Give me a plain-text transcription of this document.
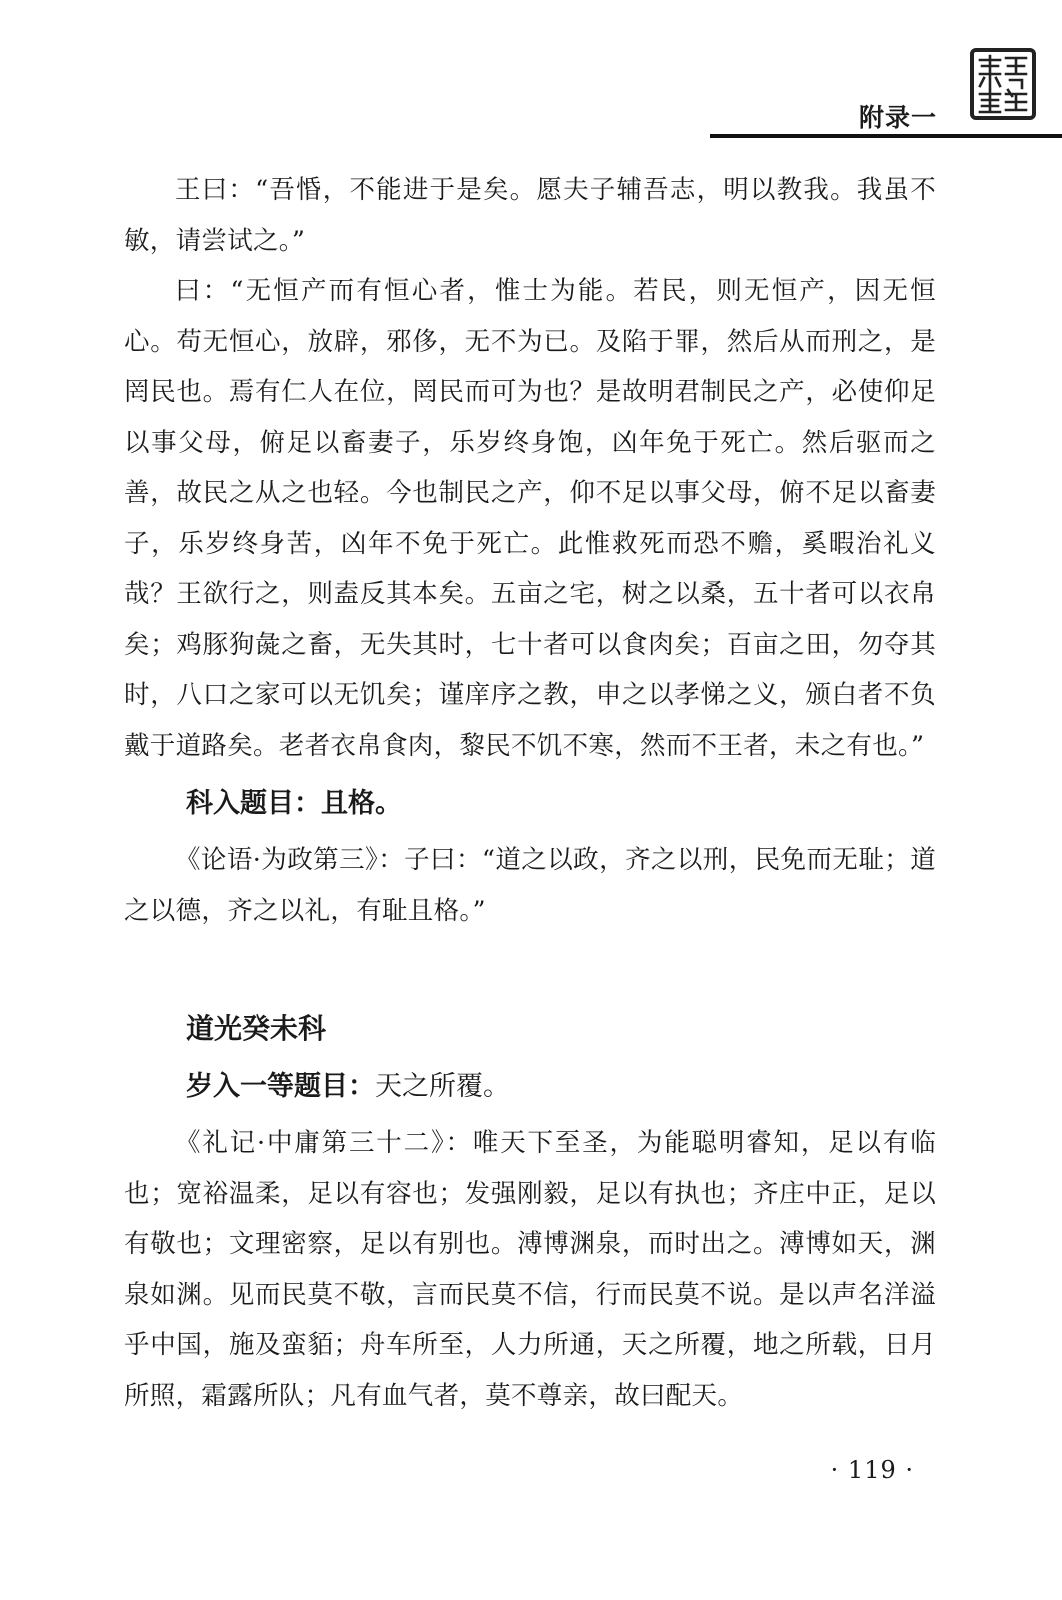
附录一

王曰：“吾惛，不能进于是矣。愿夫子辅吾志，明以教我。我虽不敏，请尝试之。”

曰：“无恒产而有恒心者，惟士为能。若民，则无恒产，因无恒心。苟无恒心，放辟，邪侈，无不为已。及陷于罪，然后从而刑之，是罔民也。焉有仁人在位，罔民而可为也？是故明君制民之产，必使仰足以事父母，俯足以畜妻子，乐岁终身饱，凶年免于死亡。然后驱而之善，故民之从之也轻。今也制民之产，仰不足以事父母，俯不足以畜妻子，乐岁终身苦，凶年不免于死亡。此惟救死而恐不赡，奚暇治礼义哉？王欲行之，则盍反其本矣。五亩之宅，树之以桑，五十者可以衣帛矣；鸡豚狗彘之畜，无失其时，七十者可以食肉矣；百亩之田，勿夺其时，八口之家可以无饥矣；谨庠序之教，申之以孝悌之义，颁白者不负戴于道路矣。老者衣帛食肉，黎民不饥不寒，然而不王者，未之有也。”

科入题目：且格。

《论语·为政第三》：子曰：“道之以政，齐之以刑，民免而无耻；道之以德，齐之以礼，有耻且格。”

道光癸未科
岁入一等题目：天之所覆。

《礼记·中庸第三十二》：唯天下至圣，为能聪明睿知，足以有临也；宽裕温柔，足以有容也；发强刚毅，足以有执也；齐庄中正，足以有敬也；文理密察，足以有别也。溥博渊泉，而时出之。溥博如天，渊泉如渊。见而民莫不敬，言而民莫不信，行而民莫不说。是以声名洋溢乎中国，施及蛮貊；舟车所至，人力所通，天之所覆，地之所载，日月所照，霜露所队；凡有血气者，莫不尊亲，故曰配天。

· 119 ·
